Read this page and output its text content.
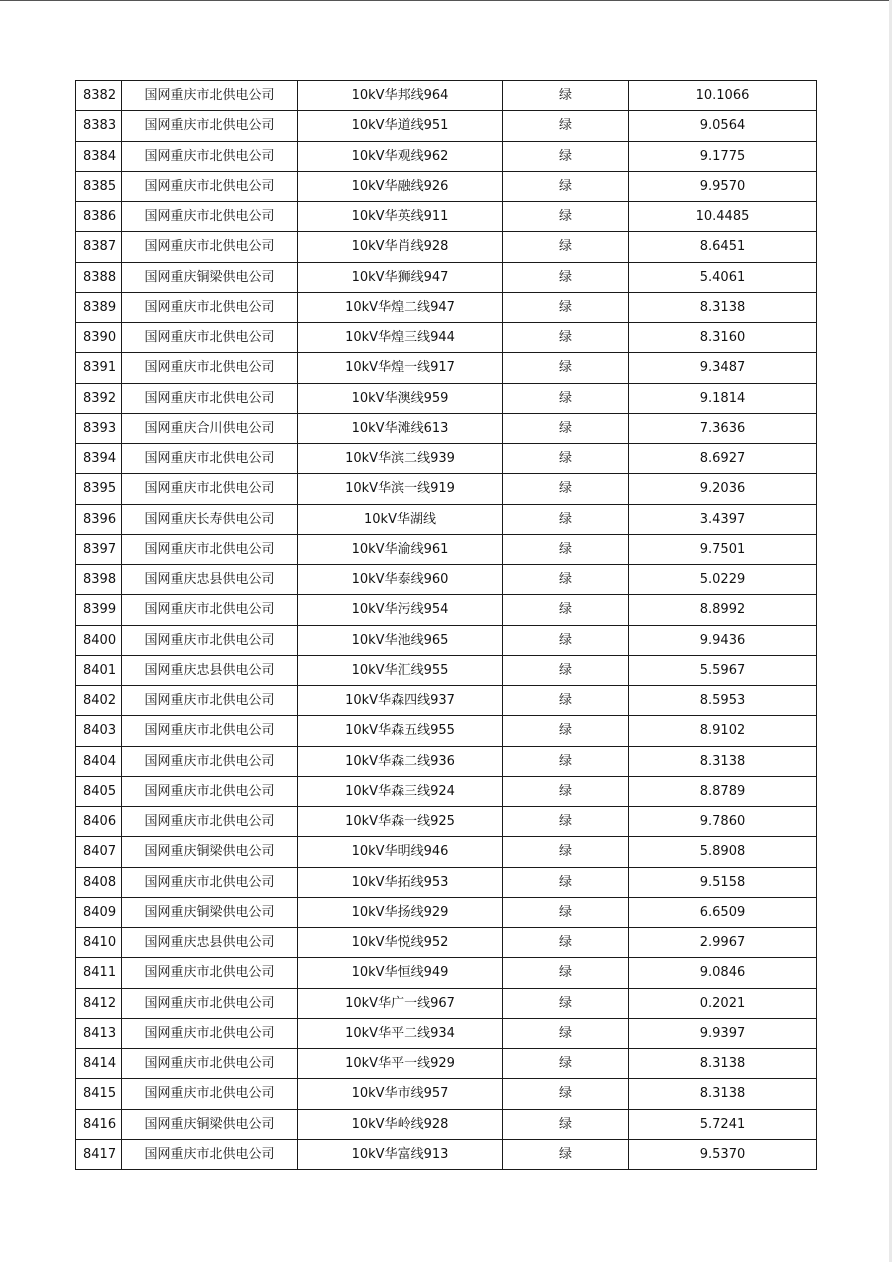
8382	国网重庆市北供电公司	10kV华邦线964	绿	10.1066
8383	国网重庆市北供电公司	10kV华道线951	绿	9.0564
8384	国网重庆市北供电公司	10kV华观线962	绿	9.1775
8385	国网重庆市北供电公司	10kV华融线926	绿	9.9570
8386	国网重庆市北供电公司	10kV华英线911	绿	10.4485
8387	国网重庆市北供电公司	10kV华肖线928	绿	8.6451
8388	国网重庆铜梁供电公司	10kV华狮线947	绿	5.4061
8389	国网重庆市北供电公司	10kV华煌二线947	绿	8.3138
8390	国网重庆市北供电公司	10kV华煌三线944	绿	8.3160
8391	国网重庆市北供电公司	10kV华煌一线917	绿	9.3487
8392	国网重庆市北供电公司	10kV华澳线959	绿	9.1814
8393	国网重庆合川供电公司	10kV华滩线613	绿	7.3636
8394	国网重庆市北供电公司	10kV华滨二线939	绿	8.6927
8395	国网重庆市北供电公司	10kV华滨一线919	绿	9.2036
8396	国网重庆长寿供电公司	10kV华湖线	绿	3.4397
8397	国网重庆市北供电公司	10kV华渝线961	绿	9.7501
8398	国网重庆忠县供电公司	10kV华泰线960	绿	5.0229
8399	国网重庆市北供电公司	10kV华污线954	绿	8.8992
8400	国网重庆市北供电公司	10kV华池线965	绿	9.9436
8401	国网重庆忠县供电公司	10kV华汇线955	绿	5.5967
8402	国网重庆市北供电公司	10kV华森四线937	绿	8.5953
8403	国网重庆市北供电公司	10kV华森五线955	绿	8.9102
8404	国网重庆市北供电公司	10kV华森二线936	绿	8.3138
8405	国网重庆市北供电公司	10kV华森三线924	绿	8.8789
8406	国网重庆市北供电公司	10kV华森一线925	绿	9.7860
8407	国网重庆铜梁供电公司	10kV华明线946	绿	5.8908
8408	国网重庆市北供电公司	10kV华拓线953	绿	9.5158
8409	国网重庆铜梁供电公司	10kV华扬线929	绿	6.6509
8410	国网重庆忠县供电公司	10kV华悦线952	绿	2.9967
8411	国网重庆市北供电公司	10kV华恒线949	绿	9.0846
8412	国网重庆市北供电公司	10kV华广一线967	绿	0.2021
8413	国网重庆市北供电公司	10kV华平二线934	绿	9.9397
8414	国网重庆市北供电公司	10kV华平一线929	绿	8.3138
8415	国网重庆市北供电公司	10kV华市线957	绿	8.3138
8416	国网重庆铜梁供电公司	10kV华岭线928	绿	5.7241
8417	国网重庆市北供电公司	10kV华富线913	绿	9.5370
